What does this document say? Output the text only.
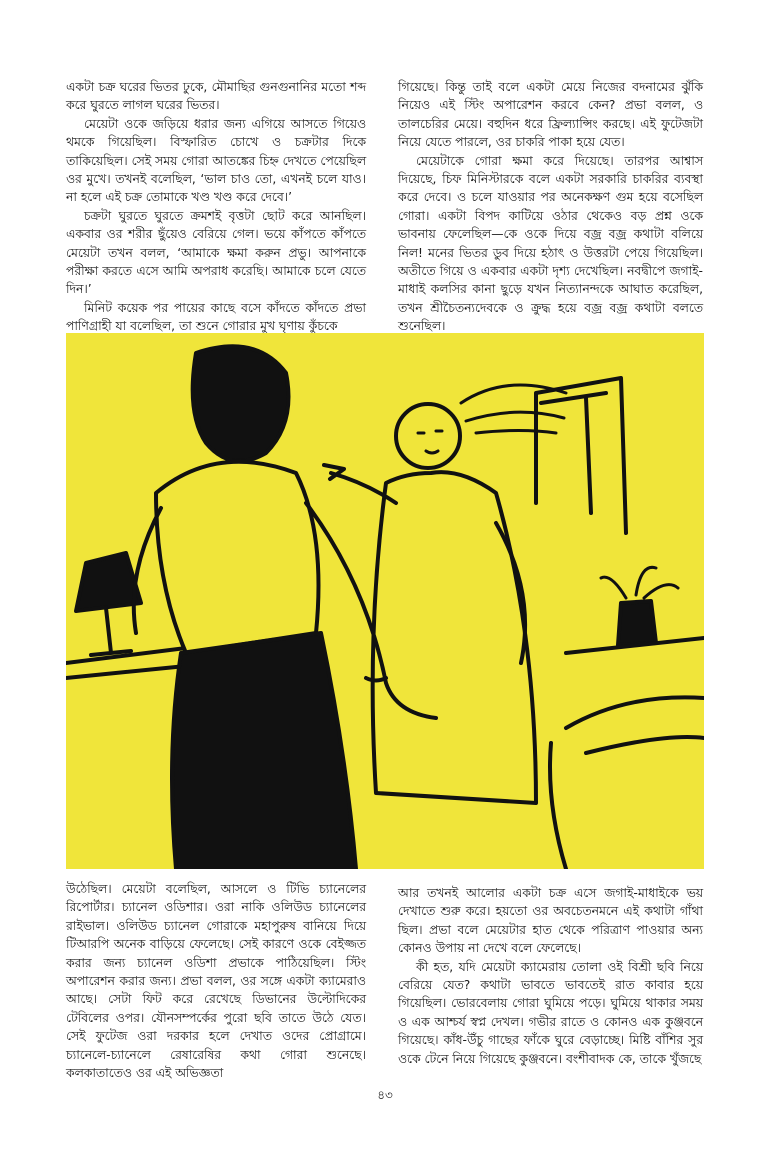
একটা চক্র ঘরের ভিতর ঢুকে, মৌমাছির গুনগুনানির মতো শব্দ করে ঘুরতে লাগল ঘরের ভিতর।

মেয়েটা ওকে জড়িয়ে ধরার জন্য এগিয়ে আসতে গিয়েও থমকে গিয়েছিল। বিস্ফারিত চোখে ও চক্রটার দিকে তাকিয়েছিল। সেই সময় গোরা আতঙ্কের চিহ্ন দেখতে পেয়েছিল ওর মুখে। তখনই বলেছিল, ‘ভাল চাও তো, এখনই চলে যাও। না হলে এই চক্র তোমাকে খণ্ড খণ্ড করে দেবে।’

চক্রটা ঘুরতে ঘুরতে ক্রমশই বৃত্তটা ছোট করে আনছিল। একবার ওর শরীর ছুঁয়েও বেরিয়ে গেল। ভয়ে কাঁপতে কাঁপতে মেয়েটা তখন বলল, ‘আমাকে ক্ষমা করুন প্রভু। আপনাকে পরীক্ষা করতে এসে আমি অপরাধ করেছি। আমাকে চলে যেতে দিন।’

মিনিট কয়েক পর পায়ের কাছে বসে কাঁদতে কাঁদতে প্রভা পাণিগ্রাহী যা বলেছিল, তা শুনে গোরার মুখ ঘৃণায় কুঁচকে

গিয়েছে। কিন্তু তাই বলে একটা মেয়ে নিজের বদনামের ঝুঁকি নিয়েও এই স্টিং অপারেশন করবে কেন? প্রভা বলল, ও তালচেরির মেয়ে। বহুদিন ধরে ফ্রিল্যান্সিং করছে। এই ফুটেজটা নিয়ে যেতে পারলে, ওর চাকরি পাকা হয়ে যেত।

মেয়েটাকে গোরা ক্ষমা করে দিয়েছে। তারপর আশ্বাস দিয়েছে, চিফ মিনিস্টারকে বলে একটা সরকারি চাকরির ব্যবস্থা করে দেবে। ও চলে যাওয়ার পর অনেকক্ষণ গুম হয়ে বসেছিল গোরা। একটা বিপদ কাটিয়ে ওঠার থেকেও বড় প্রশ্ন ওকে ভাবনায় ফেলেছিল—কে ওকে দিয়ে বজ্র বজ্র কথাটা বলিয়ে নিল! মনের ভিতর ডুব দিয়ে হঠাৎ ও উত্তরটা পেয়ে গিয়েছিল। অতীতে গিয়ে ও একবার একটা দৃশ্য দেখেছিল। নবদ্বীপে জগাই-মাধাই কলসির কানা ছুড়ে যখন নিত্যানন্দকে আঘাত করেছিল, তখন শ্রীচৈতন্যদেবকে ও ক্রুদ্ধ হয়ে বজ্র বজ্র কথাটা বলতে শুনেছিল।

উঠেছিল। মেয়েটা বলেছিল, আসলে ও টিভি চ্যানেলের রিপোর্টার। চ্যানেল ওডিশার। ওরা নাকি ওলিউড চ্যানেলের রাইভাল। ওলিউড চ্যানেল গোরাকে মহাপুরুষ বানিয়ে দিয়ে টিআরপি অনেক বাড়িয়ে ফেলেছে। সেই কারণে ওকে বেইজ্জত করার জন্য চ্যানেল ওডিশা প্রভাকে পাঠিয়েছিল। স্টিং অপারেশন করার জন্য। প্রভা বলল, ওর সঙ্গে একটা ক্যামেরাও আছে। সেটা ফিট করে রেখেছে ডিভানের উল্টোদিকের টেবিলের ওপর। যৌনসম্পর্কের পুরো ছবি তাতে উঠে যেত। সেই ফুটেজ ওরা দরকার হলে দেখাত ওদের প্রোগ্রামে। চ্যানেলে-চ্যানেলে রেষারেষির কথা গোরা শুনেছে। কলকাতাতেও ওর এই অভিজ্ঞতা

আর তখনই আলোর একটা চক্র এসে জগাই-মাধাইকে ভয় দেখাতে শুরু করে। হয়তো ওর অবচেতনমনে এই কথাটা গাঁথা ছিল। প্রভা বলে মেয়েটার হাত থেকে পরিত্রাণ পাওয়ার অন্য কোনও উপায় না দেখে বলে ফেলেছে।

কী হত, যদি মেয়েটা ক্যামেরায় তোলা ওই বিশ্রী ছবি নিয়ে বেরিয়ে যেত? কথাটা ভাবতে ভাবতেই রাত কাবার হয়ে গিয়েছিল। ভোরবেলায় গোরা ঘুমিয়ে পড়ে। ঘুমিয়ে থাকার সময় ও এক আশ্চর্য স্বপ্ন দেখল। গভীর রাতে ও কোনও এক কুঞ্জবনে গিয়েছে। কাঁধ-উঁচু গাছের ফাঁকে ঘুরে বেড়াচ্ছে। মিষ্টি বাঁশির সুর ওকে টেনে নিয়ে গিয়েছে কুঞ্জবনে। বংশীবাদক কে, তাকে খুঁজছে

৪৩
